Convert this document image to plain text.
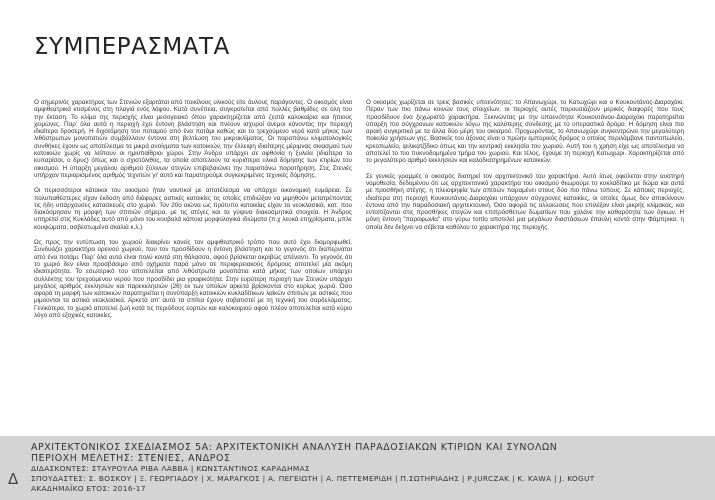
ΣΥΜΠΕΡΑΣΜΑΤΑ

Ο σημερινός χαρακτήρας των Στενιών εξαρτάται από ποικίλους υλικούς είτε άυλους παράγοντες. Ο οικισμός είναι αμφιθεατρικά κτισμένος στη πλαγιά ενός λόφου. Κατά συνέπεια, συγκροτείται από πολλές βαθμίδες σε όλη του την έκταση. Το κλίμα της περιοχής είναι μεσογειακό όπου χαρακτηρίζεται από ζεστά καλοκαίρια και ήπιους χειμώνες. Παρ' όλα αυτά η περιοχή έχει έντονη βλάστηση και πνέουν ισχυροί άνεμοι κάνοντας την περιοχή ιδιαίτερα δροσερή. Η διχοτόμηση του ποταμού από ένα ποτάμι καθώς και το τρεχούμενο νερό κατά μήκος των λιθόστρωτων μονοπατιών συμβάλλουν έντονα στη βελτίωση του μικροκλίματος. Οι παραπάνω κλιματολογικές συνθήκες έχουν ως αποτέλεσμα τα μικρά ανοίγματα των κατοικιών, την έλλειψη ιδιαίτερης μέριμνας σκιασμού των κατοικιών χωρίς να λείπουν οι ημιυπαίθριοι χώροι. Στην Άνδρο υπάρχει σε αφθονία η ξυλεία (ιδιαίτερα το κυπαρίσσι, ο δρυς) όπως και ο σχιστόλιθος, τα οποία αποτελούν τα κυριότερα υλικά δόμησης των κτιρίων του οικισμού. Η ύπαρξη μεγάλου αριθμού ξύλινων στεγών επιβεβαιώνει την παραπάνω παρατήρηση. Στις Στενιές υπήρχαν περιορισμένος αριθμός τεχνιτών γι' αυτό και παρατηρούμε συγκεκριμένες τεχνικές δόμησης.

Οι περισσότεροι κάτοικοι του οικισμού ήταν ναυτικοί με αποτέλεσμα να υπάρχει οικονομική ευμάρεια. Σε πολυπαθέστερες είχαν έκδοση από διάφορες αστικές κατοικίες τις οποίες επιδιώξαν να μιμηθούν μετατρέποντας τις ήδη υπάρχουσες κατασκευές στο χωριό. Τον 20ο αιώνα ως πρότυπο κατοικίας είχαν τα νεοκλασικά, κατ. που διακόσμησαν τη μορφή των σπιτιών σήμερα, με τις στέγες και τα γύψινα διακοσμητικά στοιχεία. Η Άνδρος υπηρετεί στις Κυκλάδες αυτό από μόνο του κουβαλά κάποια μορφολογικά ιδιώματα (π.χ λευκά επιχρίσματα, μπλε κουφώματα, ασβεστωμένα σκαλιά κ.λ.)

Ως προς την ευτύπωση του χωριού διακρίνει κανείς τον αμφιθεατρικό τρόπο που αυτό έχει διαμορφωθεί. Συνδυάζει χαρακτήρα ορεινού χωριού, που τον προσδίδουν η έντονη βλάστηση και το γεγονός ότι διαπερνάται από ένα ποτάμι. Παρ' όλα αυτά είναι πολύ κοντά στη θάλασσα, αφού βρίσκεται ακριβώς απέναντι. Το γεγονός ότι το χωριό δεν είναι προσβάσιμο από οχήματα παρά μόνο σε περιφερειακούς δρόμους αποτελεί μία ακόμη ιδιαιτερότητα. Το εσωτερικό του αποτελείται από λιθόστρωτα μονοπάτια κατά μήκος των οποίων υπάρχει συλλέκτης του τρεχούμενου νερού που προσδίδει μια γραφικότητα. Στην ευρύτερη περιοχή των Στενιών υπάρχει μεγάλος αριθμός εκκλησιών και παρεκκλησιών (26) εκ των οποίων αρκετά βρίσκονται στο κυρίως χωριό. Όσο αφορά τη μορφή των κατοικιών παρατηρείται η συνύπαρξη κατοικιών κυκλαδίτικων λαϊκών σπιτιών με αστικές που μιμούνται τα αστικά νεοκλασικά. Αρκετά απ' αυτά τα σπίτια έχουν σοβατιστεί με τη τεχνική του σαρδελόματος. Γενικότερα, το χωριό αποτελεί ζωή κατά τις περιόδους εορτών και καλοκαιριού αφού πλέον αποτελείται κατά κύριο λόγο από εξοχικές κατοικίες.

Ο οικισμός χωρίζεται σε τρεις βασικές υποενότητες: το Απανωχώρι, το Κατωχώρι και ο Κουκουτάνος-Διαραχάκι. Πέραν των πιο πάνω κοινών τους στοιχείων, οι περιοχές αυτές παρουσιάζουν μερικές διαφορές που τους προσδίδουν ένα ξεχωριστό χαρακτήρα. Ξεκινώντας με την υποενότητα Κουκουτάνου-Διαραχάκι παρατηρείται ύπαρξη πιο σύγχρονων κατοικιών λόγω της καλύτερης σύνδεσης με το υπεραστικό δρόμο. Η δόμηση είναι πιο αραιή συγκριτικά με τα άλλα δύο μέρη του οικισμού. Προχωρόντας, το Απανωχώρι συγκεντρώνει την μεγαλύτερη ποικιλία χρήσεων γης. Βασικός του άξονας είναι ο πρώην εμπορικός δρόμος ο οποίος περιλάμβανε παντοπωλείο, κρεοπωλείο, ψιλικατζίδικο όπως και την κεντρική εκκλησία του χωριού. Αυτή του η χρήση είχε ως αποτέλεσμα να αποτελεί το πιο πυκνοδομημένο τμήμα του χωριού. Και τέλος, έχουμε τη περιοχή Κατωχωρι. Χαρακτηρίζεται από το μεγαλύτερο αριθμό εκκλησιών και καλοδιατηρημένων κατοικιών.

Σε γενικές γραμμές ο οικισμός διατηρεί τον αρχιτεκτονικό του χαρακτήρα. Αυτό ίσως οφείλεται στην αυστηρή νομοθεσία, δεδομένου ότι ως αρχιτεκτονικό χαρακτήρα του οικισμού θεωρούμε το κυκλαδίτικο με δώμα και αυτά με προσθήκη στέγης, η πλειοψηφία των σπιτιών παραμένει στους δύο πιο πάνω τύπους. Σε κάποιες περιοχές, ιδιαίτερα στη περιοχή Κουκουτάνος-Διαραχάκι υπάρχουν σύγχρονες κατοικίες, οι οποίες όμως δεν αποκλίνουν έντονα από την παραδοσιακή αρχιτεκτονική. Όσο αφορά τις αλλοιώσεις που επιλέξαν είναι μικρής κλίμακας, και εντοπίζονται στις προσθήκες στεγών και επιπρόσθετων δωματίων που χαλάνε την καθαρότητα των όγκων. Η μόνη έντονη "παραφωνία" στο γύρω τοπίο αποτελεί μια μεγάλων διαστάσεων έπαυλη κοντά στην Φάμπρικα, η οποία δεν δείχνει να σέβεται καθόλου το χαρακτήρα της περιοχής.

Δ
ΑΡΧΙΤΕΚΤΟΝΙΚΟΣ ΣΧΕΔΙΑΣΜΟΣ 5Α: ΑΡΧΙΤΕΚΤΟΝΙΚΗ ΑΝΑΛΥΣΗ ΠΑΡΑΔΟΣΙΑΚΩΝ ΚΤΙΡΙΩΝ ΚΑΙ ΣΥΝΟΛΩΝ
ΠΕΡΙΟΧΗ ΜΕΛΕΤΗΣ: ΣΤΕΝΙΕΣ, ΑΝΔΡΟΣ
ΔΙΔΑΣΚΟΝΤΕΣ: ΣΤΑΥΡΟΥΛΑ ΡΙΒΑ ΛΑΒΒΑ | ΚΩΝΣΤΑΝΤΙΝΟΣ ΚΑΡΑΔΗΜΑΣ
ΣΠΟΥΔΑΣΤΕΣ: Σ. ΒΟΣΚΟΥ | Ξ. ΓΕΩΡΓΙΑΔΟΥ | Χ. ΜΑΡΑΓΚΟΣ | Α. ΠΕΓΕΙΩΤΗ | Α. ΠΕΤΤΕΜΕΡΙΔΗ | Π.ΣΩΤΗΡΙΑΔΗΣ | Ρ.JURCZAK | Κ. ΚΑWΑ | J. KOGUT
ΑΚΑΔΗΜΑΪΚΟ ΕΤΟΣ: 2016-17
